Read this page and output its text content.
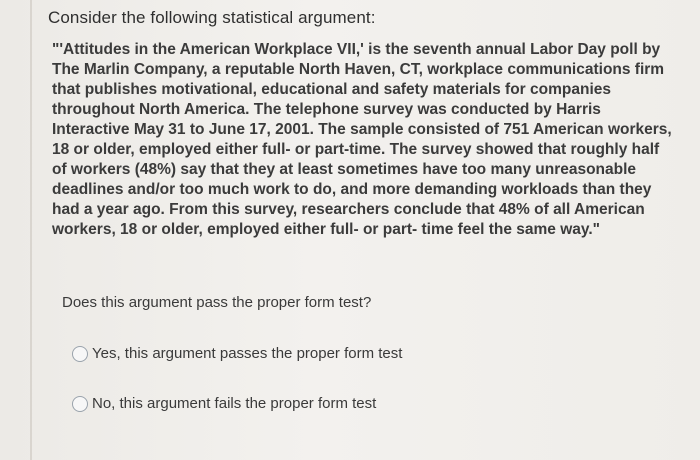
Consider the following statistical argument:

"'Attitudes in the American Workplace VII,' is the seventh annual Labor Day poll by The Marlin Company, a reputable North Haven, CT, workplace communications firm that publishes motivational, educational and safety materials for companies throughout North America. The telephone survey was conducted by Harris Interactive May 31 to June 17, 2001. The sample consisted of 751 American workers, 18 or older, employed either full- or part-time. The survey showed that roughly half of workers (48%) say that they at least sometimes have too many unreasonable deadlines and/or too much work to do, and more demanding workloads than they had a year ago. From this survey, researchers conclude that 48% of all American workers, 18 or older, employed either full- or part- time feel the same way."

Does this argument pass the proper form test?
Yes, this argument passes the proper form test
No, this argument fails the proper form test
